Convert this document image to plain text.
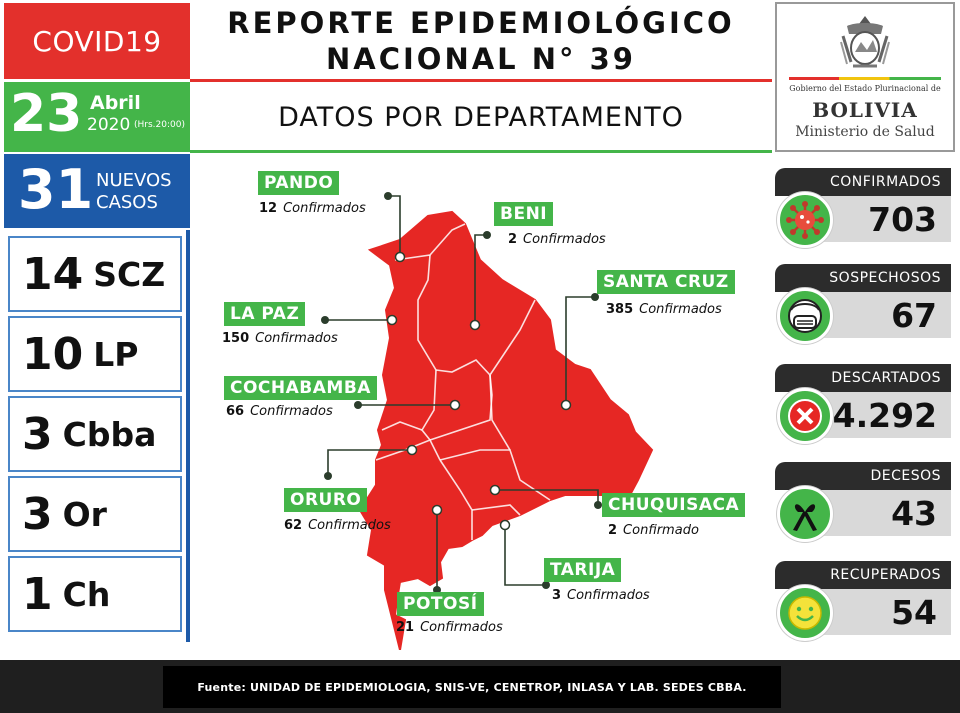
COVID19
23 Abril
2020 (Hrs.20:00)
31 NUEVOS
CASOS
14 SCZ
10 LP
3 Cbba
3 Or
1 Ch
REPORTE EPIDEMIOLÓGICO
NACIONAL N° 39
DATOS POR DEPARTAMENTO
Gobierno del Estado Plurinacional de
BOLIVIA
Ministerio de Salud
PANDO
12 Confirmados	BENI
2 Confirmados
LA PAZ
150 Confirmados
SANTA CRUZ
385 Confirmados
COCHABAMBA
66 Confirmados
ORURO
62 Confirmados
CHUQUISACA
2 Confirmado
TARIJA
3 Confirmados
POTOSÍ
21 Confirmados
CONFIRMADOS
703
SOSPECHOSOS
67
DESCARTADOS
4.292
DECESOS
43
RECUPERADOS
54
Fuente: UNIDAD DE EPIDEMIOLOGIA, SNIS-VE, CENETROP, INLASA Y LAB. SEDES CBBA.
